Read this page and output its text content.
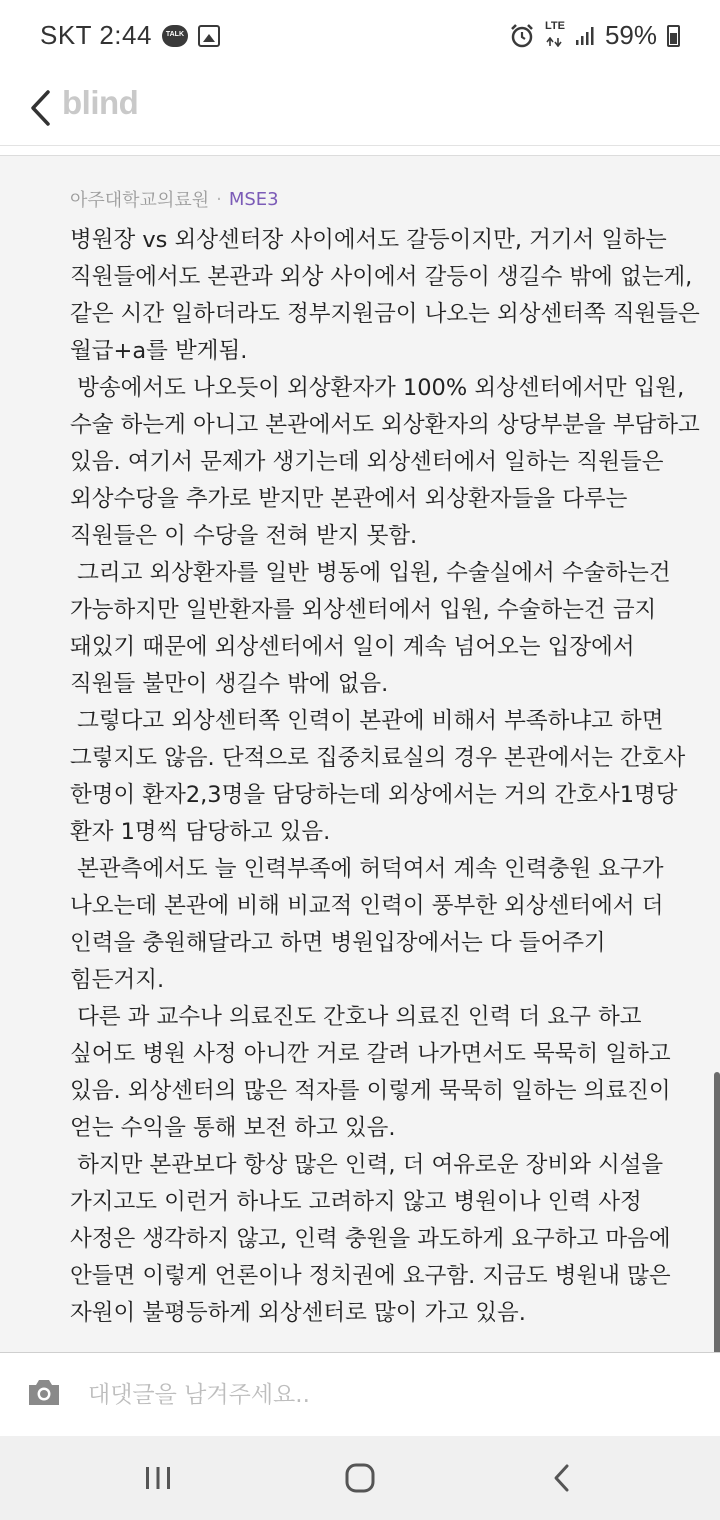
SKT 2:44	TALK
LTE 59%
blind
아주대학교의료원 · MSE3
병원장 vs 외상센터장 사이에서도 갈등이지만, 거기서 일하는 직원들에서도 본관과 외상 사이에서 갈등이 생길수 밖에 없는게, 같은 시간 일하더라도 정부지원금이 나오는 외상센터쪽 직원들은 월급+a를 받게됨.
방송에서도 나오듯이 외상환자가 100% 외상센터에서만 입원, 수술 하는게 아니고 본관에서도 외상환자의 상당부분을 부담하고 있음. 여기서 문제가 생기는데 외상센터에서 일하는 직원들은 외상수당을 추가로 받지만 본관에서 외상환자들을 다루는 직원들은 이 수당을 전혀 받지 못함.
그리고 외상환자를 일반 병동에 입원, 수술실에서 수술하는건 가능하지만 일반환자를 외상센터에서 입원, 수술하는건 금지 돼있기 때문에 외상센터에서 일이 계속 넘어오는 입장에서 직원들 불만이 생길수 밖에 없음.
그렇다고 외상센터쪽 인력이 본관에 비해서 부족하냐고 하면 그렇지도 않음. 단적으로 집중치료실의 경우 본관에서는 간호사 한명이 환자2,3명을 담당하는데 외상에서는 거의 간호사1명당 환자 1명씩 담당하고 있음.
본관측에서도 늘 인력부족에 허덕여서 계속 인력충원 요구가 나오는데 본관에 비해 비교적 인력이 풍부한 외상센터에서 더 인력을 충원해달라고 하면 병원입장에서는 다 들어주기 힘든거지.
다른 과 교수나 의료진도 간호나 의료진 인력 더 요구 하고 싶어도 병원 사정 아니깐 거로 갈려 나가면서도 묵묵히 일하고 있음. 외상센터의 많은 적자를 이렇게 묵묵히 일하는 의료진이 얻는 수익을 통해 보전 하고 있음.
하지만 본관보다 항상 많은 인력, 더 여유로운 장비와 시설을 가지고도 이런거 하나도 고려하지 않고 병원이나 인력 사정 사정은 생각하지 않고, 인력 충원을 과도하게 요구하고 마음에 안들면 이렇게 언론이나 정치권에 요구함. 지금도 병원내 많은 자원이 불평등하게 외상센터로 많이 가고 있음.
대댓글을 남겨주세요..
